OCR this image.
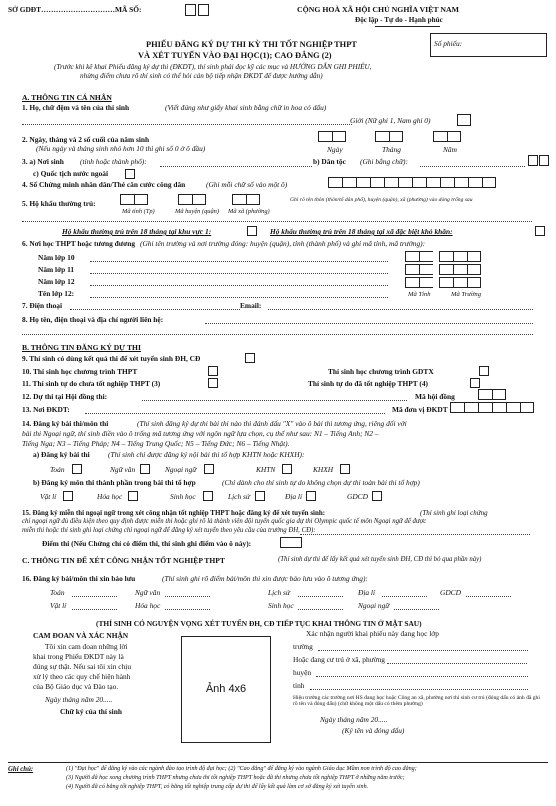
SỞ GDĐT…………………………MÃ SỐ:	CỘNG HOÀ XÃ HỘI CHỦ NGHĨA VIỆT NAM
Độc lập - Tự do - Hạnh phúc
Số phiếu:
PHIẾU ĐĂNG KÝ DỰ THI KỲ THI TỐT NGHIỆP THPT
VÀ XÉT TUYỂN VÀO ĐẠI HỌC(1); CAO ĐẲNG (2)
(Trước khi kê khai Phiếu đăng ký dự thi (ĐKDT), thí sinh phải đọc kỹ các mục và HƯỚNG DẪN GHI PHIẾU,
nhừng điểm chưa rõ thí sinh có thể hỏi cán bộ tiếp nhận ĐKDT để được hướng dẫn)
A. THÔNG TIN CÁ NHÂN
1. Họ, chữ đệm và tên của thí sinh	(Viết đúng như giấy khai sinh bằng chữ in hoa có dấu)
Giới (Nữ ghi 1, Nam ghi 0)
2. Ngày, tháng và 2 số cuối của năm sinh
(Nếu ngày và tháng sinh nhỏ hơn 10 thì ghi số 0 ở ô đầu)	Ngày	Tháng	Năm
3. a) Nơi sinh (tỉnh hoặc thành phố):	b) Dân tộc (Ghi bằng chữ):
c) Quốc tịch nước ngoài
4. Số Chứng minh nhân dân/Thẻ căn cước công dân	(Ghi mỗi chữ số vào một ô)
5. Hộ khẩu thường trú:	Ghi rõ tên thôn (thôn/tổ dân phố), huyện (quận), xã (phường) vào dòng trống sau
Mã tỉnh (Tp)	Mã huyện (quận) Mã xã (phường)
Hộ khẩu thường trú trên 18 tháng tại khu vực 1:	Hộ khẩu thường trú trên 18 tháng tại xã đặc biệt khó khăn:
6. Nơi học THPT hoặc tương đương (Ghi tên trường và nơi trường đóng: huyện (quận), tỉnh (thành phố) và ghi mã tỉnh, mã trường):
Năm lớp 10
Năm lớp 11
Năm lớp 12
Tên lớp 12:	Mã Tỉnh	Mã Trường
7. Điện thoại	Email:
8. Họ tên, điện thoại và địa chỉ người liên hệ:
B. THÔNG TIN ĐĂNG KÝ DỰ THI
9. Thí sinh có dùng kết quả thi để xét tuyển sinh ĐH, CĐ
10. Thí sinh học chương trình THPT	Thí sinh học chương trình GDTX
11. Thí sinh tự do chưa tốt nghiệp THPT (3)	Thí sinh tự do đã tốt nghiệp THPT (4)
12. Dự thi tại Hội đồng thi:	Mã hội đồng
13. Nơi ĐKDT:	Mã đơn vị ĐKDT
14. Đăng ký bài thi/môn thi	(Thí sinh đăng ký dự thi bài thi nào thì đánh dấu "X" vào ô bài thi tương ứng, riêng đối với
bài thi Ngoại ngữ, thí sinh điền vào ô trống mã tương ứng với ngôn ngữ lựa chọn, cụ thể như sau: N1 – Tiếng Anh; N2 –
Tiếng Nga; N3 – Tiếng Pháp; N4 – Tiếng Trung Quốc; N5 – Tiếng Đức; N6 – Tiếng Nhật).
a) Đăng ký bài thi (Thí sinh chỉ được đăng ký nội bài thi tổ hợp KHTN hoặc KHXH):
Toán	Ngữ văn	Ngoại ngữ	KHTN	KHXH
b) Đăng ký môn thi thành phần trong bài thi tổ hợp	(Chỉ dành cho thí sinh tự do không chọn dự thi toàn bài thi tổ hợp)
Vật lí	Hóa học	Sinh học	Lịch sử	Địa lí	GDCD
15. Đăng ký miễn thi ngoại ngữ trong xét công nhận tốt nghiệp THPT hoặc đăng ký để xét tuyển sinh:	(Thí sinh ghi loại chứng
chỉ ngoại ngữ đủ điều kiện theo quy định được miễn thi hoặc ghi rõ là thành viên đội tuyển quốc gia dự thi Olympic quốc tế môn Ngoại ngữ để được
miễn thi hoặc thí sinh ghi loại chứng chỉ ngoại ngữ để đăng ký xét tuyển theo yêu cầu của trường ĐH, CĐ):
Điểm thi (Nếu Chứng chỉ có điểm thi, thí sinh ghi điểm vào ô này):
C. THÔNG TIN ĐỂ XÉT CÔNG NHẬN TỐT NGHIỆP THPT	(Thí sinh dự thi để lấy kết quả xét tuyển sinh ĐH, CĐ thì bỏ qua phần này)
16. Đăng ký bài/môn thi xin bảo lưu	(Thí sinh ghi rõ điểm bài/môn thi xin được bảo lưu vào ô tương ứng):
Toán	Ngữ văn	Lịch sử	Địa lí	GDCD
Vật lí	Hóa học	Sinh học	Ngoại ngữ
(THÍ SINH CÓ NGUYỆN VỌNG XÉT TUYỂN ĐH, CĐ TIẾP TỤC KHAI THÔNG TIN Ở MẶT SAU)
CAM ĐOAN VÀ XÁC NHẬN
Tôi xin cam đoan những lời
khai trong Phiếu ĐKDT này là
đúng sự thật. Nếu sai tôi xin chịu
xử lý theo các quy chế hiện hành
của Bộ Giáo dục và Đào tạo.
Ngày tháng năm 20.....
Chữ ký của thí sinh
Ảnh 4x6
Xác nhận người khai phiếu này đang học lớp
trường
Hoặc đang cư trú ở xã, phường
huyện
tỉnh
Hiệu trưởng các trường nơi HS đang học hoặc Công an xã, phường nơi thí sinh cư trú (đóng dấu có ảnh đã ghi rõ tên và đóng dấu) (chữ không một dấu có thêm phường)
Ngày tháng năm 20.....
(Ký tên và đóng dấu)
Ghi chú:	(1) "Đại học" để đăng ký vào các ngành đào tạo trình độ đại học; (2) "Cao đẳng" để đăng ký vào ngành Giáo dục Mầm non trình độ cao đẳng;
(3) Người đã học xong chương trình THPT nhưng chưa thi tốt nghiệp THPT hoặc đã thi nhưng chưa tốt nghiệp THPT ở những năm trước;
(4) Người đã có bằng tốt nghiệp THPT, có bằng tốt nghiệp trung cấp dự thi để lấy kết quả làm cơ sở đăng ký xét tuyển sinh.
